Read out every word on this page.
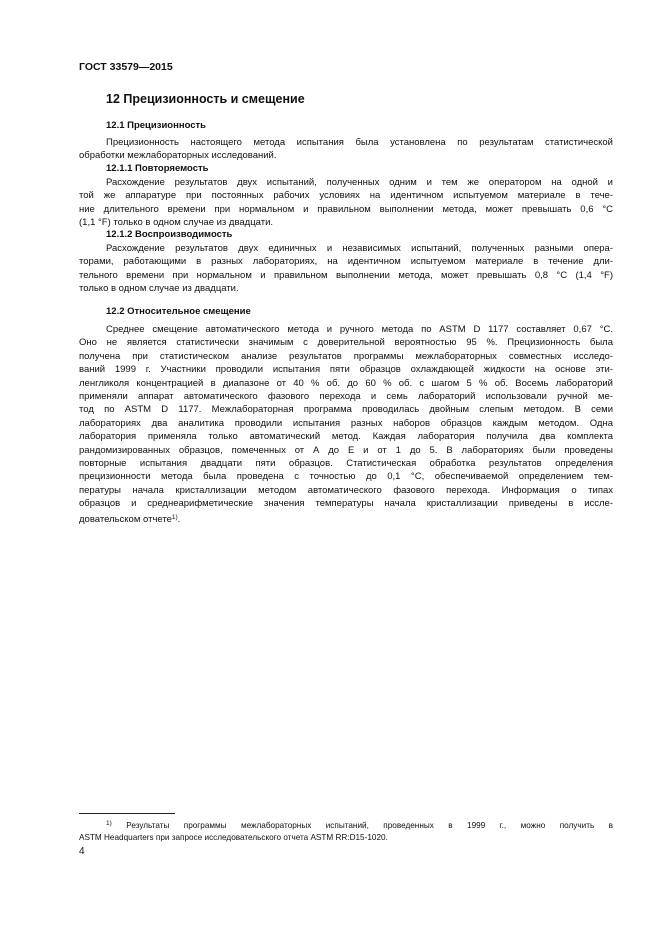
ГОСТ 33579—2015
12 Прецизионность и смещение
12.1 Прецизионность
Прецизионность настоящего метода испытания была установлена по результатам статистической
обработки межлабораторных исследований.
12.1.1 Повторяемость
Расхождение результатов двух испытаний, полученных одним и тем же оператором на одной и
той же аппаратуре при постоянных рабочих условиях на идентичном испытуемом материале в тече-
ние длительного времени при нормальном и правильном выполнении метода, может превышать 0,6 °С
(1,1 °F) только в одном случае из двадцати.
12.1.2 Воспроизводимость
Расхождение результатов двух единичных и независимых испытаний, полученных разными опера-
торами, работающими в разных лабораториях, на идентичном испытуемом материале в течение дли-
тельного времени при нормальном и правильном выполнении метода, может превышать 0,8 °С (1,4 °F)
только в одном случае из двадцати.
12.2 Относительное смещение
Среднее смещение автоматического метода и ручного метода по ASTM D 1177 составляет 0,67 °С.
Оно не является статистически значимым с доверительной вероятностью 95 %. Прецизионность была
получена при статистическом анализе результатов программы межлабораторных совместных исследо-
ваний 1999 г. Участники проводили испытания пяти образцов охлаждающей жидкости на основе эти-
ленгликоля концентрацией в диапазоне от 40 % об. до 60 % об. с шагом 5 % об. Восемь лабораторий
применяли аппарат автоматического фазового перехода и семь лабораторий использовали ручной ме-
тод по ASTM D 1177. Межлабораторная программа проводилась двойным слепым методом. В семи
лабораториях два аналитика проводили испытания разных наборов образцов каждым методом. Одна
лаборатория применяла только автоматический метод. Каждая лаборатория получила два комплекта
рандомизированных образцов, помеченных от А до Е и от 1 до 5. В лабораториях были проведены
повторные испытания двадцати пяти образцов. Статистическая обработка результатов определения
прецизионности метода была проведена с точностью до 0,1 °С, обеспечиваемой определением тем-
пературы начала кристаллизации методом автоматического фазового перехода. Информация о типах
образцов и среднеарифметические значения температуры начала кристаллизации приведены в иссле-
довательском отчете$^{1)}$.
$^{1)}$ Результаты программы межлабораторных испытаний, проведенных в 1999 г., можно получить в
ASTM Headquarters при запросе исследовательского отчета ASTM RR:D15-1020.
4
